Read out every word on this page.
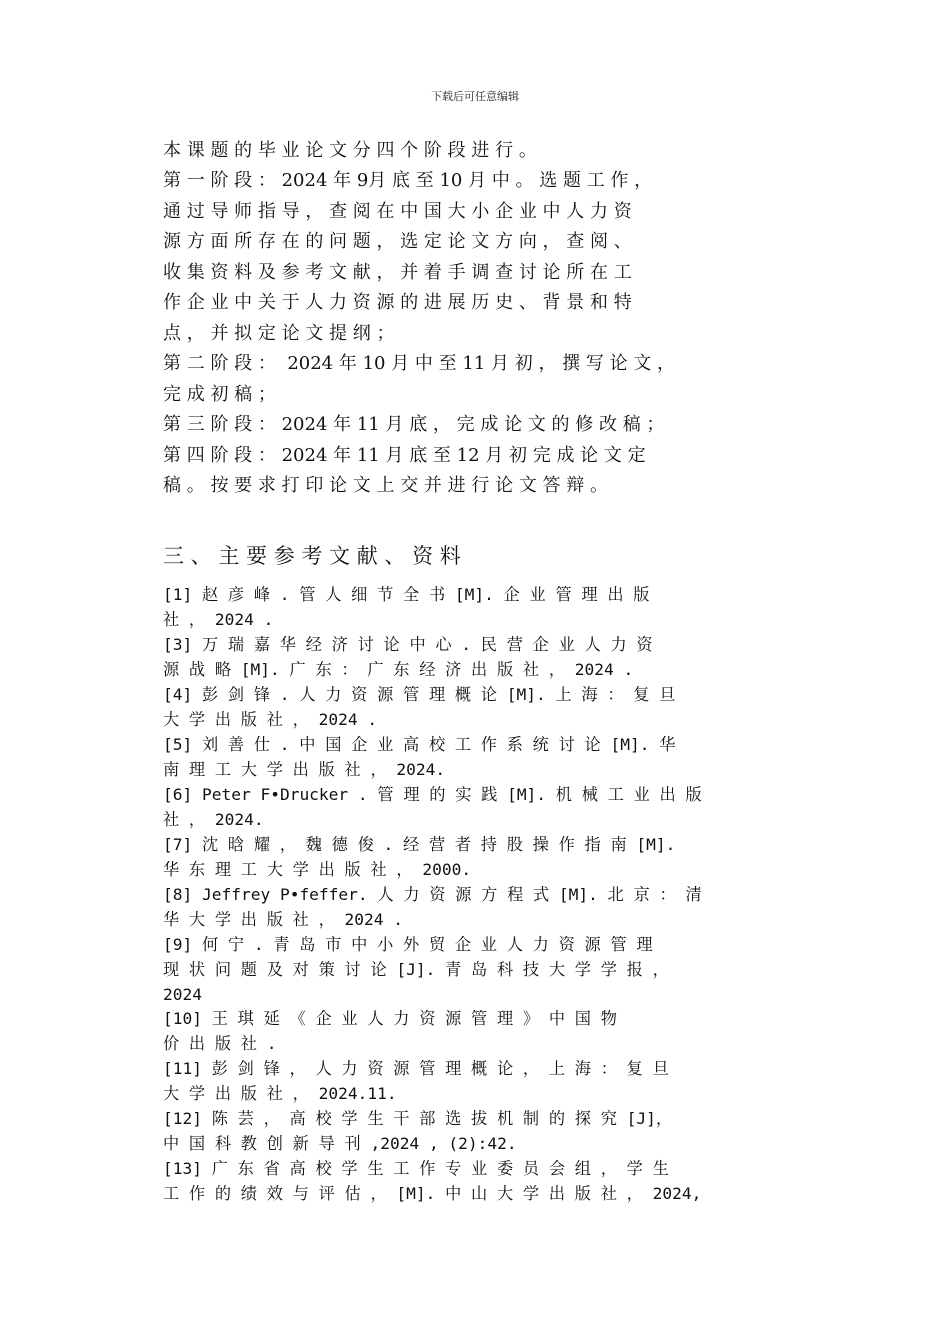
下载后可任意编辑
本 课 题 的 毕 业 论 文 分 四 个 阶 段 进 行 。
第 一 阶 段 ： 2024 年 9月 底 至 10 月 中 。 选 题 工 作 ，
通 过 导 师 指 导 ， 查 阅 在 中 国 大 小 企 业 中 人 力 资
源 方 面 所 存 在 的 问 题 ， 选 定 论 文 方 向 ， 查 阅 、
收 集 资 料 及 参 考 文 献 ， 并 着 手 调 查 讨 论 所 在 工
作 企 业 中 关 于 人 力 资 源 的 进 展 历 史 、 背 景 和 特
点 ， 并 拟 定 论 文 提 纲 ；
第 二 阶 段 ：  2024 年 10 月 中 至 11 月 初 ， 撰 写 论 文 ，
完 成 初 稿 ；
第 三 阶 段 ： 2024 年 11 月 底 ， 完 成 论 文 的 修 改 稿 ；
第 四 阶 段 ： 2024 年 11 月 底 至 12 月 初 完 成 论 文 定
稿 。 按 要 求 打 印 论 文 上 交 并 进 行 论 文 答 辩 。
三 、 主 要 参 考 文 献 、 资 料
[1] 赵 彦 峰 . 管 人 细 节 全 书 [M]. 企 业 管 理 出 版
社 ， 2024 .
[3] 万 瑞 嘉 华 经 济 讨 论 中 心 . 民 营 企 业 人 力 资
源 战 略 [M]. 广 东 ： 广 东 经 济 出 版 社 ， 2024 .
[4] 彭 剑 锋 . 人 力 资 源 管 理 概 论 [M]. 上 海 ： 复 旦
大 学 出 版 社 ， 2024 .
[5] 刘 善 仕 . 中 国 企 业 高 校 工 作 系 统 讨 论 [M]. 华
南 理 工 大 学 出 版 社 ， 2024.
[6] Peter F•Drucker . 管 理 的 实 践 [M]. 机 械 工 业 出 版
社 ， 2024.
[7] 沈 晗 耀 ， 魏 德 俊 . 经 营 者 持 股 操 作 指 南 [M].
华 东 理 工 大 学 出 版 社 ， 2000.
[8] Jeffrey P•feffer. 人 力 资 源 方 程 式 [M]. 北 京 ： 清
华 大 学 出 版 社 ， 2024 .
[9] 何 宁 . 青 岛 市 中 小 外 贸 企 业 人 力 资 源 管 理
现 状 问 题 及 对 策 讨 论 [J]. 青 岛 科 技 大 学 学 报 ，
2024
[10] 王 琪 延 《 企 业 人 力 资 源 管 理 》 中 国 物
价 出 版 社 .
[11] 彭 剑 锋 ， 人 力 资 源 管 理 概 论 ， 上 海 ： 复 旦
大 学 出 版 社 ， 2024.11.
[12] 陈 芸 ， 高 校 学 生 干 部 选 拔 机 制 的 探 究 [J]，
中 国 科 教 创 新 导 刊 ,2024 , (2):42.
[13] 广 东 省 高 校 学 生 工 作 专 业 委 员 会 组 ， 学 生
工 作 的 绩 效 与 评 估 ， [M]. 中 山 大 学 出 版 社 ， 2024,
